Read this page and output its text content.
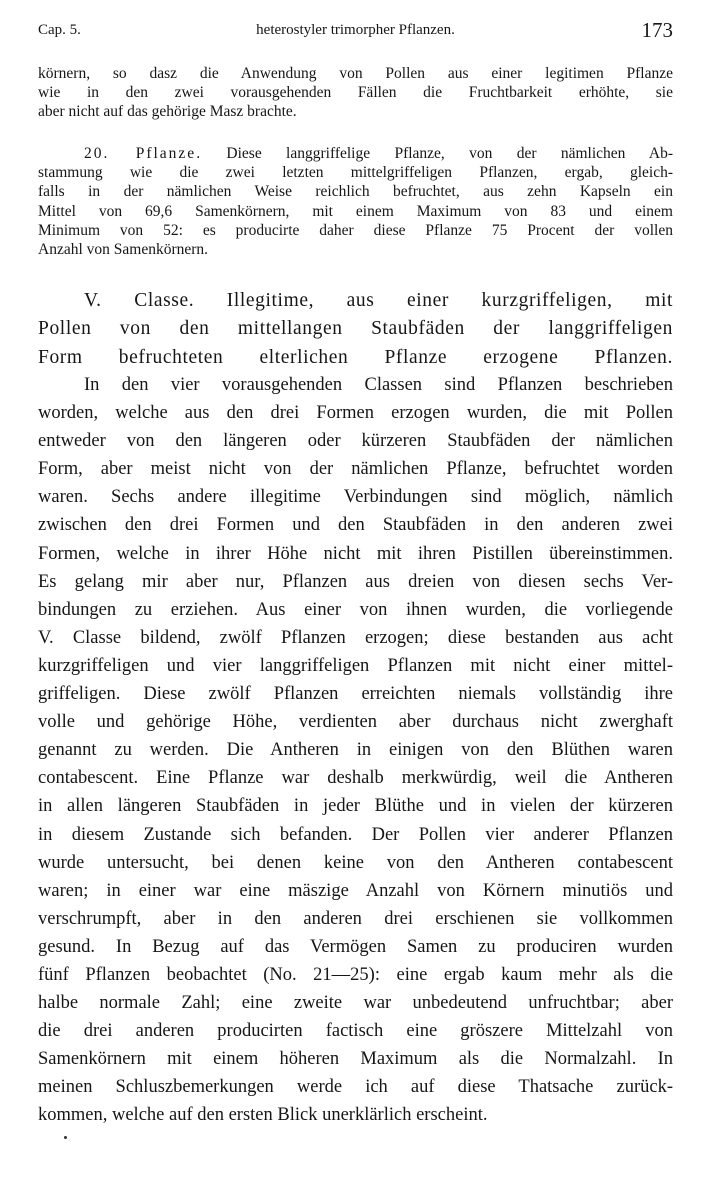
Cap. 5.	heterostyler trimorpher Pflanzen.	173
körnern, so dasz die Anwendung von Pollen aus einer legitimen Pflanze
wie in den zwei vorausgehenden Fällen die Fruchtbarkeit erhöhte, sie
aber nicht auf das gehörige Masz brachte.
20. Pflanze. Diese langgriffelige Pflanze, von der nämlichen Ab-
stammung wie die zwei letzten mittelgriffeligen Pflanzen, ergab, gleich-
falls in der nämlichen Weise reichlich befruchtet, aus zehn Kapseln ein
Mittel von 69,6 Samenkörnern, mit einem Maximum von 83 und einem
Minimum von 52: es producirte daher diese Pflanze 75 Procent der vollen
Anzahl von Samenkörnern.
V. Classe. Illegitime, aus einer kurzgriffeligen, mit
Pollen von den mittellangen Staubfäden der langgriffeligen
Form befruchteten elterlichen Pflanze erzogene Pflanzen.
In den vier vorausgehenden Classen sind Pflanzen beschrieben
worden, welche aus den drei Formen erzogen wurden, die mit Pollen
entweder von den längeren oder kürzeren Staubfäden der nämlichen
Form, aber meist nicht von der nämlichen Pflanze, befruchtet worden
waren. Sechs andere illegitime Verbindungen sind möglich, nämlich
zwischen den drei Formen und den Staubfäden in den anderen zwei
Formen, welche in ihrer Höhe nicht mit ihren Pistillen übereinstimmen.
Es gelang mir aber nur, Pflanzen aus dreien von diesen sechs Ver-
bindungen zu erziehen. Aus einer von ihnen wurden, die vorliegende
V. Classe bildend, zwölf Pflanzen erzogen; diese bestanden aus acht
kurzgriffeligen und vier langgriffeligen Pflanzen mit nicht einer mittel-
griffeligen. Diese zwölf Pflanzen erreichten niemals vollständig ihre
volle und gehörige Höhe, verdienten aber durchaus nicht zwerghaft
genannt zu werden. Die Antheren in einigen von den Blüthen waren
contabescent. Eine Pflanze war deshalb merkwürdig, weil die Antheren
in allen längeren Staubfäden in jeder Blüthe und in vielen der kürzeren
in diesem Zustande sich befanden. Der Pollen vier anderer Pflanzen
wurde untersucht, bei denen keine von den Antheren contabescent
waren; in einer war eine mäszige Anzahl von Körnern minutiös und
verschrumpft, aber in den anderen drei erschienen sie vollkommen
gesund. In Bezug auf das Vermögen Samen zu produciren wurden
fünf Pflanzen beobachtet (No. 21—25): eine ergab kaum mehr als die
halbe normale Zahl; eine zweite war unbedeutend unfruchtbar; aber
die drei anderen producirten factisch eine gröszere Mittelzahl von
Samenkörnern mit einem höheren Maximum als die Normalzahl. In
meinen Schluszbemerkungen werde ich auf diese Thatsache zurück-
kommen, welche auf den ersten Blick unerklärlich erscheint.
